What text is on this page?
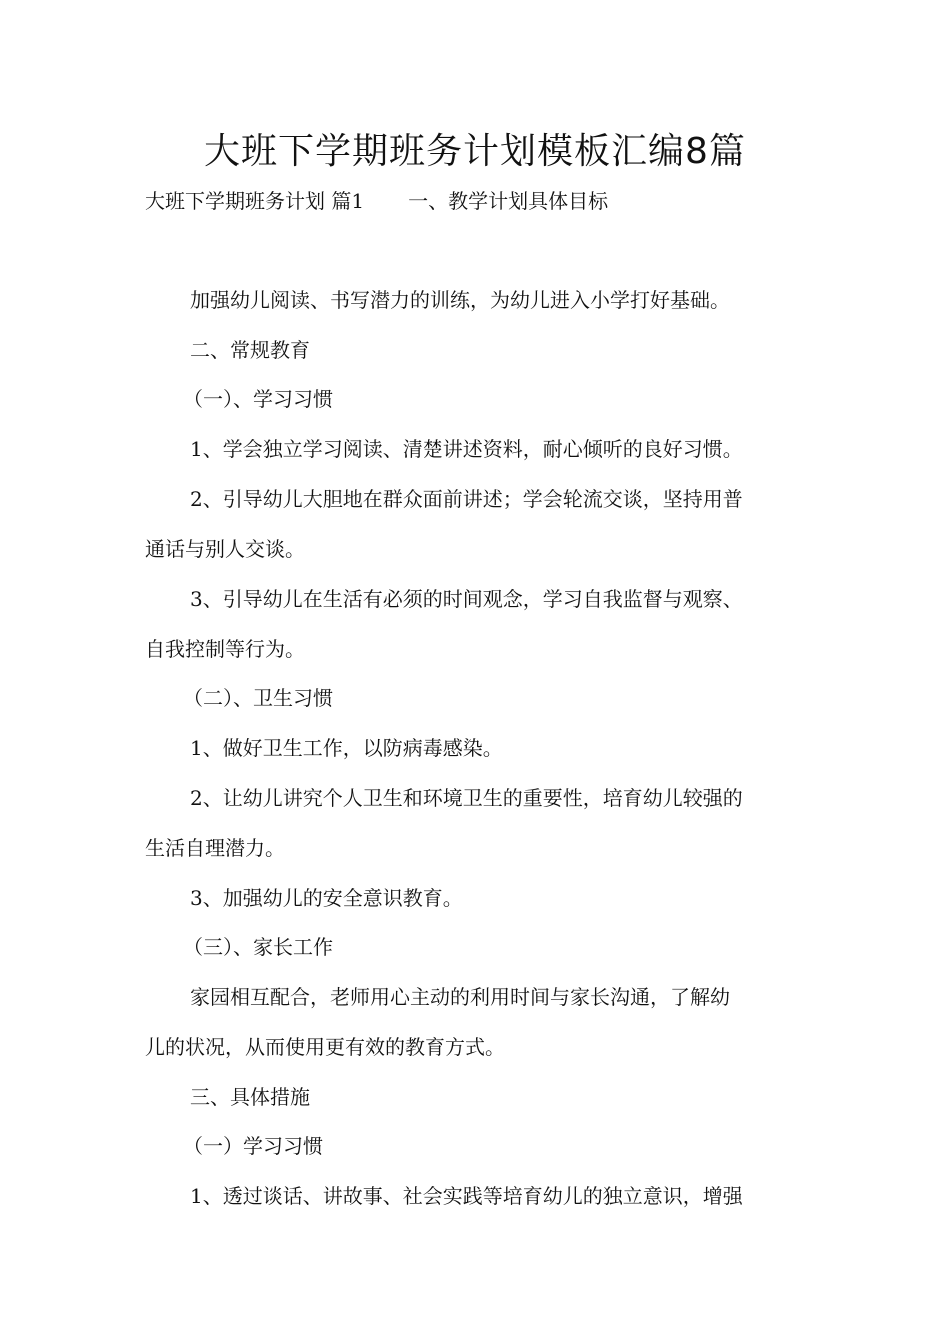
大班下学期班务计划模板汇编8篇
大班下学期班务计划 篇1 一、教学计划具体目标
加强幼儿阅读、书写潜力的训练，为幼儿进入小学打好基础。
二、常规教育
（一）、学习习惯
1、学会独立学习阅读、清楚讲述资料，耐心倾听的良好习惯。
2、引导幼儿大胆地在群众面前讲述；学会轮流交谈，坚持用普
通话与别人交谈。
3、引导幼儿在生活有必须的时间观念，学习自我监督与观察、
自我控制等行为。
（二）、卫生习惯
1、做好卫生工作，以防病毒感染。
2、让幼儿讲究个人卫生和环境卫生的重要性，培育幼儿较强的
生活自理潜力。
3、加强幼儿的安全意识教育。
（三）、家长工作
家园相互配合，老师用心主动的利用时间与家长沟通，了解幼
儿的状况，从而使用更有效的教育方式。
三、具体措施
（一）学习习惯
1、透过谈话、讲故事、社会实践等培育幼儿的独立意识，增强
